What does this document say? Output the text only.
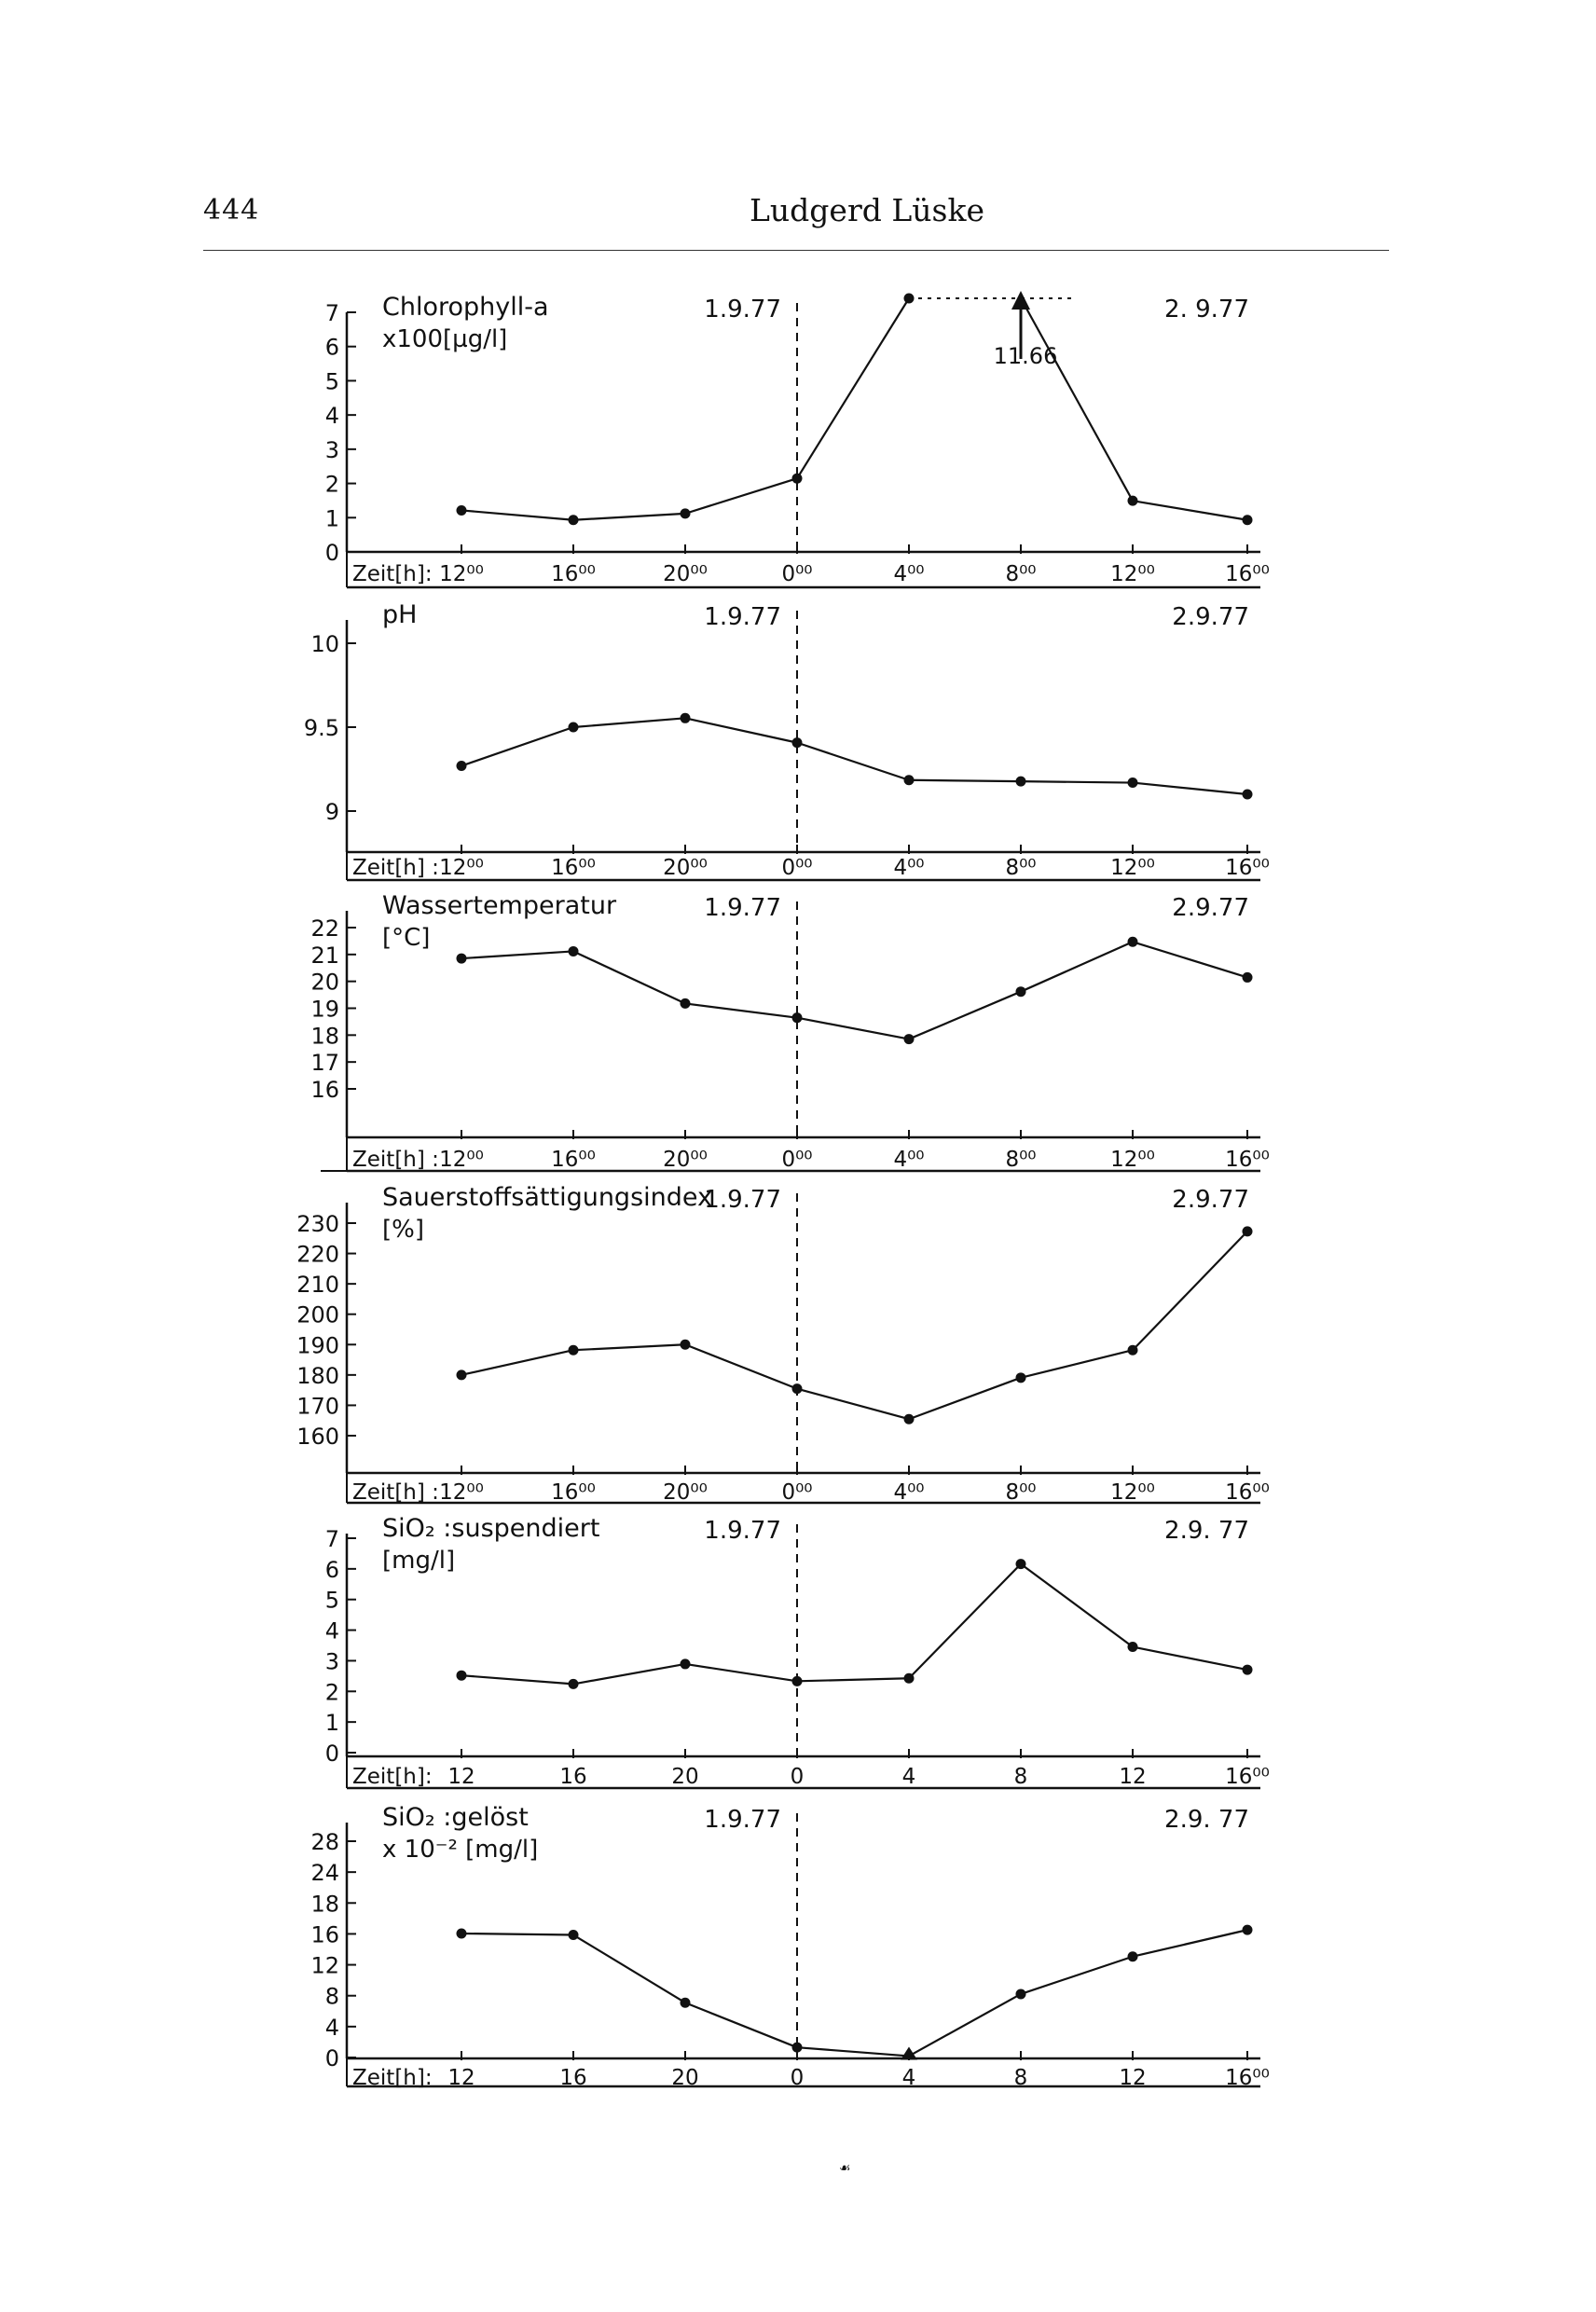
444	Ludgerd Lüske
0
1
2
3
4
5
6
7
Zeit[h]: 12⁰⁰	16⁰⁰	20⁰⁰	0⁰⁰	4⁰⁰	8⁰⁰	12⁰⁰	16⁰⁰
Chlorophyll-a
x100[µg/l]
1.9.77	2. 9.77
11.66
9
9.5
10
Zeit[h] : 12⁰⁰	16⁰⁰	20⁰⁰	0⁰⁰	4⁰⁰	8⁰⁰	12⁰⁰	16⁰⁰
pH	1.9.77	2.9.77
16
17
18
19
20
21
22
Zeit[h] : 12⁰⁰	16⁰⁰	20⁰⁰	0⁰⁰	4⁰⁰	8⁰⁰	12⁰⁰	16⁰⁰
Wassertemperatur
[°C]
1.9.77	2.9.77
160
170
180
190
200
210
220
230
Zeit[h] : 12⁰⁰	16⁰⁰	20⁰⁰	0⁰⁰	4⁰⁰	8⁰⁰	12⁰⁰	16⁰⁰
Sauerstoffsättigungsindex
[%]
1.9.77	2.9.77
0
1
2
3
4
5
6
7
Zeit[h]: 12	16	20	0	4	8	12	16⁰⁰
SiO₂ :suspendiert
[mg/l]
1.9.77	2.9. 77
0
4
8
12
16
18
24
28
Zeit[h]: 12	16	20	0	4	8	12	16⁰⁰
SiO₂ :gelöst
x 10⁻² [mg/l]
1.9.77	2.9. 77
☙
